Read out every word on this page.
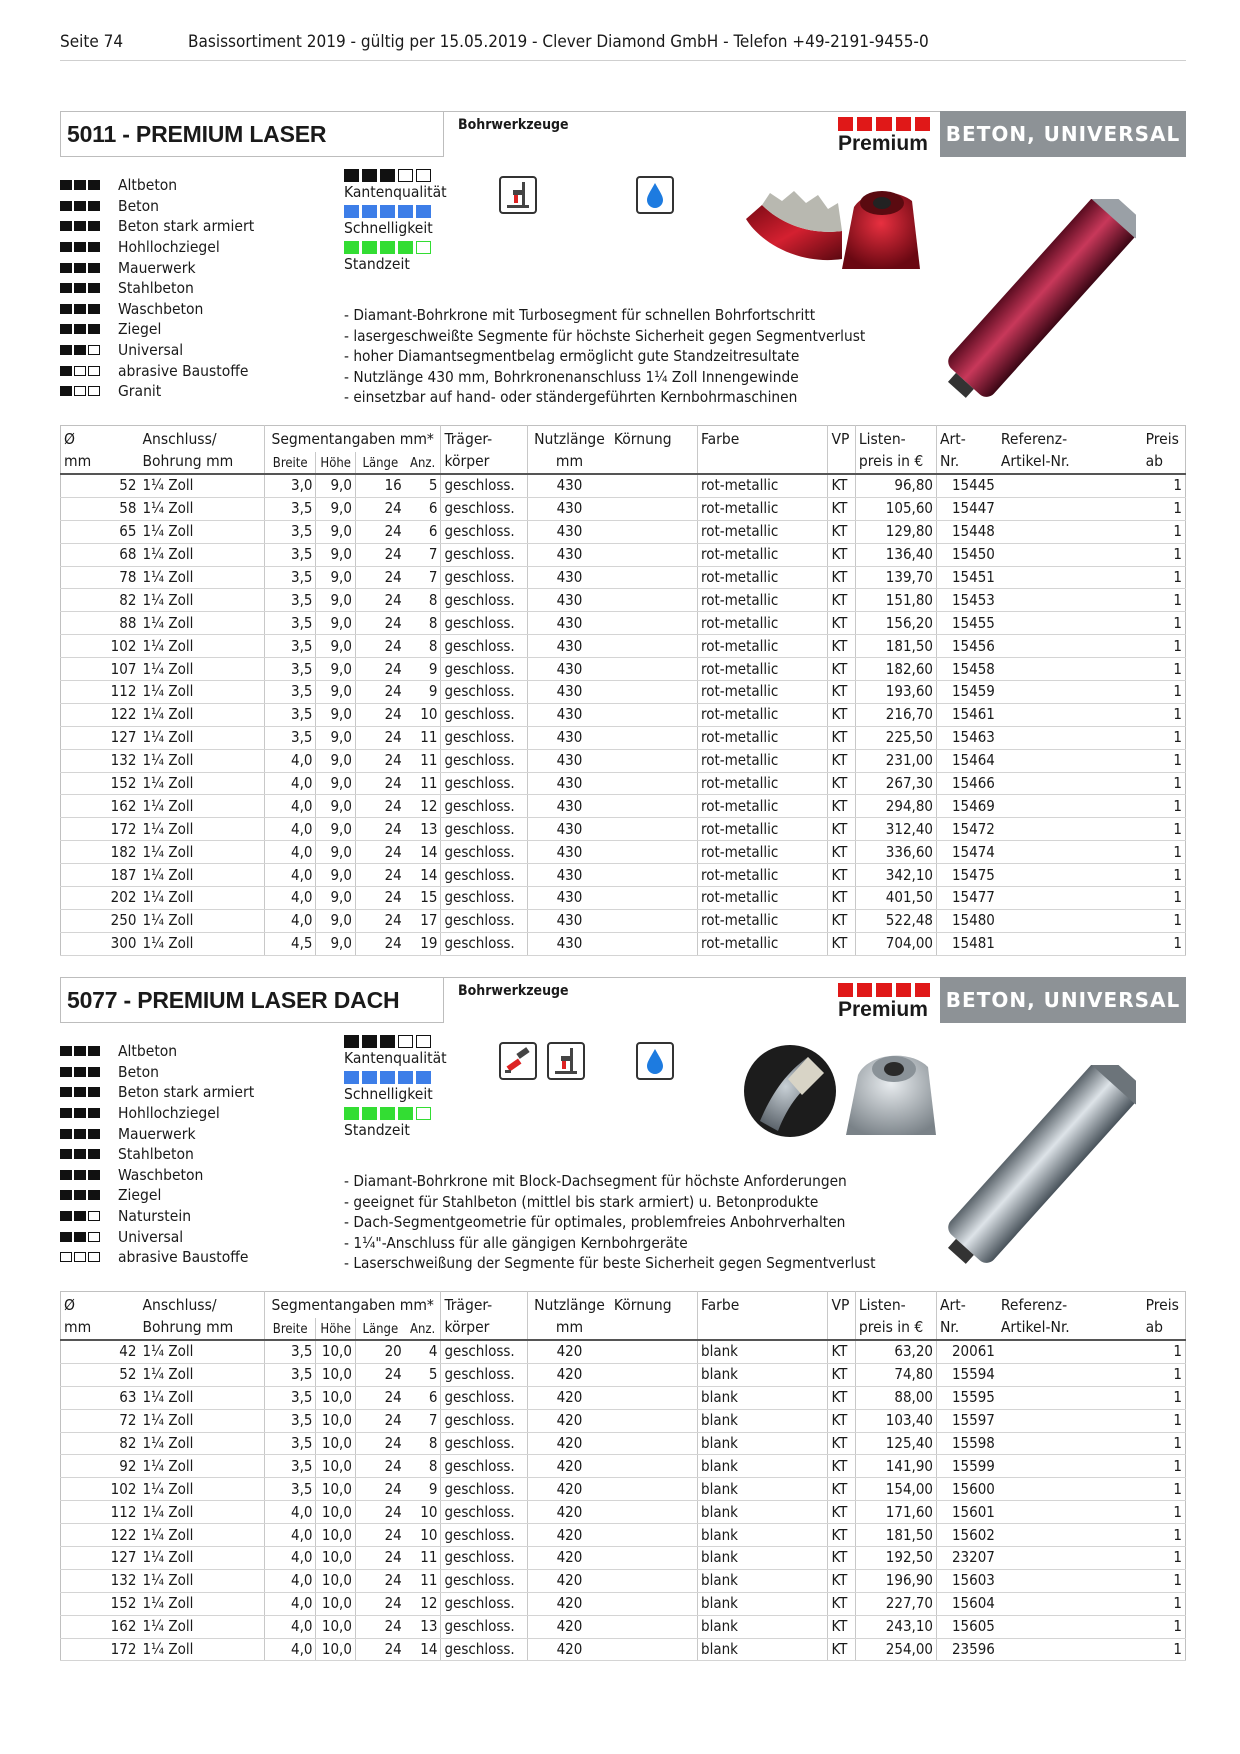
Seite 74	Basissortiment 2019 - gültig per 15.05.2019 - Clever Diamond GmbH - Telefon +49-2191-9455-0
5011 - PREMIUM LASER	Bohrwerkzeuge
Premium BETON, UNIVERSAL
Altbeton
Beton
Beton stark armiert
Hohllochziegel
Mauerwerk
Stahlbeton
Waschbeton
Ziegel
Universal
abrasive Baustoffe
Granit
Kantenqualität
Schnelligkeit
Standzeit
- Diamant-Bohrkrone mit Turbosegment für schnellen Bohrfortschritt
- lasergeschweißte Segmente für höchste Sicherheit gegen Segmentverlust
- hoher Diamantsegmentbelag ermöglicht gute Standzeitresultate
- Nutzlänge 430 mm, Bohrkronenanschluss 1¼ Zoll Innengewinde
- einsetzbar auf hand- oder ständergeführten Kernbohrmaschinen
Ø	Anschluss/	Segmentangaben mm*				Träger-	Nutzlänge	Körnung	Farbe	VP	Listen-	Art-	Referenz-	Preis
mm	Bohrung mm	Breite	Höhe	Länge	Anz.	körper	mm				preis in €	Nr.	Artikel-Nr.	ab
52	1¼ Zoll	3,0	9,0	16	5	geschloss.	430		rot-metallic	KT	96,80	15445		1
58	1¼ Zoll	3,5	9,0	24	6	geschloss.	430		rot-metallic	KT	105,60	15447		1
65	1¼ Zoll	3,5	9,0	24	6	geschloss.	430		rot-metallic	KT	129,80	15448		1
68	1¼ Zoll	3,5	9,0	24	7	geschloss.	430		rot-metallic	KT	136,40	15450		1
78	1¼ Zoll	3,5	9,0	24	7	geschloss.	430		rot-metallic	KT	139,70	15451		1
82	1¼ Zoll	3,5	9,0	24	8	geschloss.	430		rot-metallic	KT	151,80	15453		1
88	1¼ Zoll	3,5	9,0	24	8	geschloss.	430		rot-metallic	KT	156,20	15455		1
102	1¼ Zoll	3,5	9,0	24	8	geschloss.	430		rot-metallic	KT	181,50	15456		1
107	1¼ Zoll	3,5	9,0	24	9	geschloss.	430		rot-metallic	KT	182,60	15458		1
112	1¼ Zoll	3,5	9,0	24	9	geschloss.	430		rot-metallic	KT	193,60	15459		1
122	1¼ Zoll	3,5	9,0	24	10	geschloss.	430		rot-metallic	KT	216,70	15461		1
127	1¼ Zoll	3,5	9,0	24	11	geschloss.	430		rot-metallic	KT	225,50	15463		1
132	1¼ Zoll	4,0	9,0	24	11	geschloss.	430		rot-metallic	KT	231,00	15464		1
152	1¼ Zoll	4,0	9,0	24	11	geschloss.	430		rot-metallic	KT	267,30	15466		1
162	1¼ Zoll	4,0	9,0	24	12	geschloss.	430		rot-metallic	KT	294,80	15469		1
172	1¼ Zoll	4,0	9,0	24	13	geschloss.	430		rot-metallic	KT	312,40	15472		1
182	1¼ Zoll	4,0	9,0	24	14	geschloss.	430		rot-metallic	KT	336,60	15474		1
187	1¼ Zoll	4,0	9,0	24	14	geschloss.	430		rot-metallic	KT	342,10	15475		1
202	1¼ Zoll	4,0	9,0	24	15	geschloss.	430		rot-metallic	KT	401,50	15477		1
250	1¼ Zoll	4,0	9,0	24	17	geschloss.	430		rot-metallic	KT	522,48	15480		1
300	1¼ Zoll	4,5	9,0	24	19	geschloss.	430		rot-metallic	KT	704,00	15481		1
5077 - PREMIUM LASER DACH	Bohrwerkzeuge
Premium BETON, UNIVERSAL
Altbeton
Beton
Beton stark armiert
Hohllochziegel
Mauerwerk
Stahlbeton
Waschbeton
Ziegel
Naturstein
Universal
abrasive Baustoffe
Kantenqualität
Schnelligkeit
Standzeit
- Diamant-Bohrkrone mit Block-Dachsegment für höchste Anforderungen
- geeignet für Stahlbeton (mittlel bis stark armiert) u. Betonprodukte
- Dach-Segmentgeometrie für optimales, problemfreies Anbohrverhalten
- 1¼"-Anschluss für alle gängigen Kernbohrgeräte
- Laserschweißung der Segmente für beste Sicherheit gegen Segmentverlust
Ø	Anschluss/	Segmentangaben mm*				Träger-	Nutzlänge	Körnung	Farbe	VP	Listen-	Art-	Referenz-	Preis
mm	Bohrung mm	Breite	Höhe	Länge	Anz.	körper	mm				preis in €	Nr.	Artikel-Nr.	ab
42	1¼ Zoll	3,5	10,0	20	4	geschloss.	420		blank	KT	63,20	20061		1
52	1¼ Zoll	3,5	10,0	24	5	geschloss.	420		blank	KT	74,80	15594		1
63	1¼ Zoll	3,5	10,0	24	6	geschloss.	420		blank	KT	88,00	15595		1
72	1¼ Zoll	3,5	10,0	24	7	geschloss.	420		blank	KT	103,40	15597		1
82	1¼ Zoll	3,5	10,0	24	8	geschloss.	420		blank	KT	125,40	15598		1
92	1¼ Zoll	3,5	10,0	24	8	geschloss.	420		blank	KT	141,90	15599		1
102	1¼ Zoll	3,5	10,0	24	9	geschloss.	420		blank	KT	154,00	15600		1
112	1¼ Zoll	4,0	10,0	24	10	geschloss.	420		blank	KT	171,60	15601		1
122	1¼ Zoll	4,0	10,0	24	10	geschloss.	420		blank	KT	181,50	15602		1
127	1¼ Zoll	4,0	10,0	24	11	geschloss.	420		blank	KT	192,50	23207		1
132	1¼ Zoll	4,0	10,0	24	11	geschloss.	420		blank	KT	196,90	15603		1
152	1¼ Zoll	4,0	10,0	24	12	geschloss.	420		blank	KT	227,70	15604		1
162	1¼ Zoll	4,0	10,0	24	13	geschloss.	420		blank	KT	243,10	15605		1
172	1¼ Zoll	4,0	10,0	24	14	geschloss.	420		blank	KT	254,00	23596		1
